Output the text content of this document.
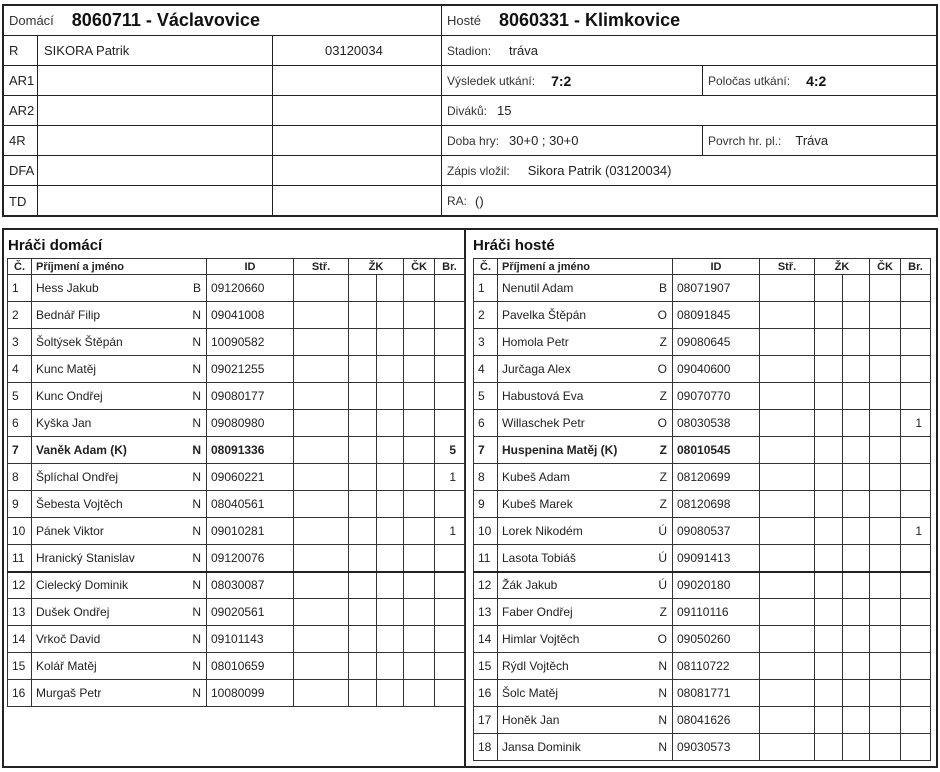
Domácí 8060711 - Václavovice	Hosté 8060331 - Klimkovice
R	SIKORA Patrik	03120034
AR1
AR2
4R
DFA
TD
Stadion: tráva
Výsledek utkání: 7:2	Poločas utkání: 4:2
Diváků: 15
Doba hry: 30+0 ; 30+0	Povrch hr. pl.: Tráva
Zápis vložil: Sikora Patrik (03120034)
RA: ()
Hráči domácí	Hráči hosté
Č.	Příjmení a jméno		ID	Stř.	ŽK		ČK	Br.
1	Hess Jakub	B	09120660					
2	Bednář Filip	N	09041008					
3	Šoltýsek Štěpán	N	10090582					
4	Kunc Matěj	N	09021255					
5	Kunc Ondřej	N	09080177					
6	Kyška Jan	N	09080980					
7	Vaněk Adam (K)	N	08091336					5
8	Šplíchal Ondřej	N	09060221					1
9	Šebesta Vojtěch	N	08040561					
10	Pánek Viktor	N	09010281					1
11	Hranický Stanislav	N	09120076					
12	Cielecký Dominik	N	08030087					
13	Dušek Ondřej	N	09020561					
14	Vrkoč David	N	09101143					
15	Kolář Matěj	N	08010659					
16	Murgaš Petr	N	10080099					
Č.	Příjmení a jméno		ID	Stř.	ŽK		ČK	Br.
1	Nenutil Adam	B	08071907					
2	Pavelka Štěpán	O	08091845					
3	Homola Petr	Z	09080645					
4	Jurčaga Alex	O	09040600					
5	Habustová Eva	Z	09070770					
6	Willaschek Petr	O	08030538					1
7	Huspenina Matěj (K)	Z	08010545					
8	Kubeš Adam	Z	08120699					
9	Kubeš Marek	Z	08120698					
10	Lorek Nikodém	Ú	09080537					1
11	Lasota Tobiáš	Ú	09091413					
12	Žák Jakub	Ú	09020180					
13	Faber Ondřej	Z	09110116					
14	Himlar Vojtěch	O	09050260					
15	Rýdl Vojtěch	N	08110722					
16	Šolc Matěj	N	08081771					
17	Honěk Jan	N	08041626					
18	Jansa Dominik	N	09030573					
